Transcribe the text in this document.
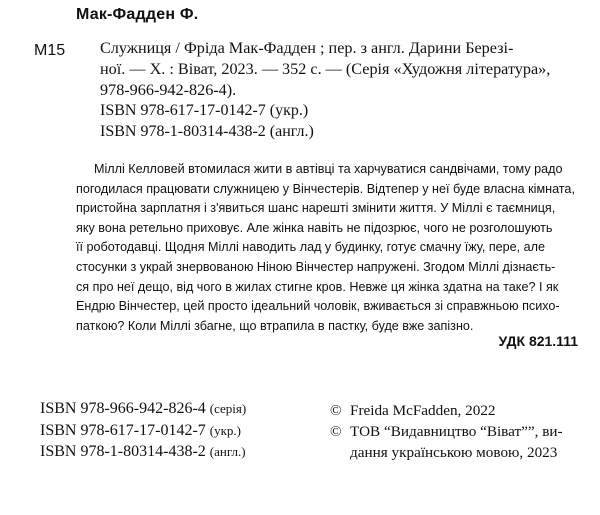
Мак-Фадден Ф.
М15 Служниця / Фріда Мак-Фадден ; пер. з англ. Дарини Березі-
ної. — Х. : Віват, 2023. — 352 с. — (Серія «Художня література»,
978-966-942-826-4).
ISBN 978-617-17-0142-7 (укр.)
ISBN 978-1-80314-438-2 (англ.)
Міллі Келловей втомилася жити в автівці та харчуватися сандвічами, тому радо
погодилася працювати служницею у Вінчестерів. Відтепер у неї буде власна кімната,
пристойна зарплатня і з'явиться шанс нарешті змінити життя. У Міллі є таємниця,
яку вона ретельно приховує. Але жінка навіть не підозрює, чого не розголошують
її роботодавці. Щодня Міллі наводить лад у будинку, готує смачну їжу, пере, але
стосунки з украй знервованою Ніною Вінчестер напружені. Згодом Міллі дізнаєть-
ся про неї дещо, від чого в жилах стигне кров. Невже ця жінка здатна на таке? І як
Ендрю Вінчестер, цей просто ідеальний чоловік, вживається зі справжньою психо-
паткою? Коли Міллі збагне, що втрапила в пастку, буде вже запізно.
УДК 821.111
ISBN 978-966-942-826-4 (серія)
ISBN 978-617-17-0142-7 (укр.)
ISBN 978-1-80314-438-2 (англ.)
© Freida McFadden, 2022
© ТОВ “Видавництво “Віват””, ви-
дання українською мовою, 2023
